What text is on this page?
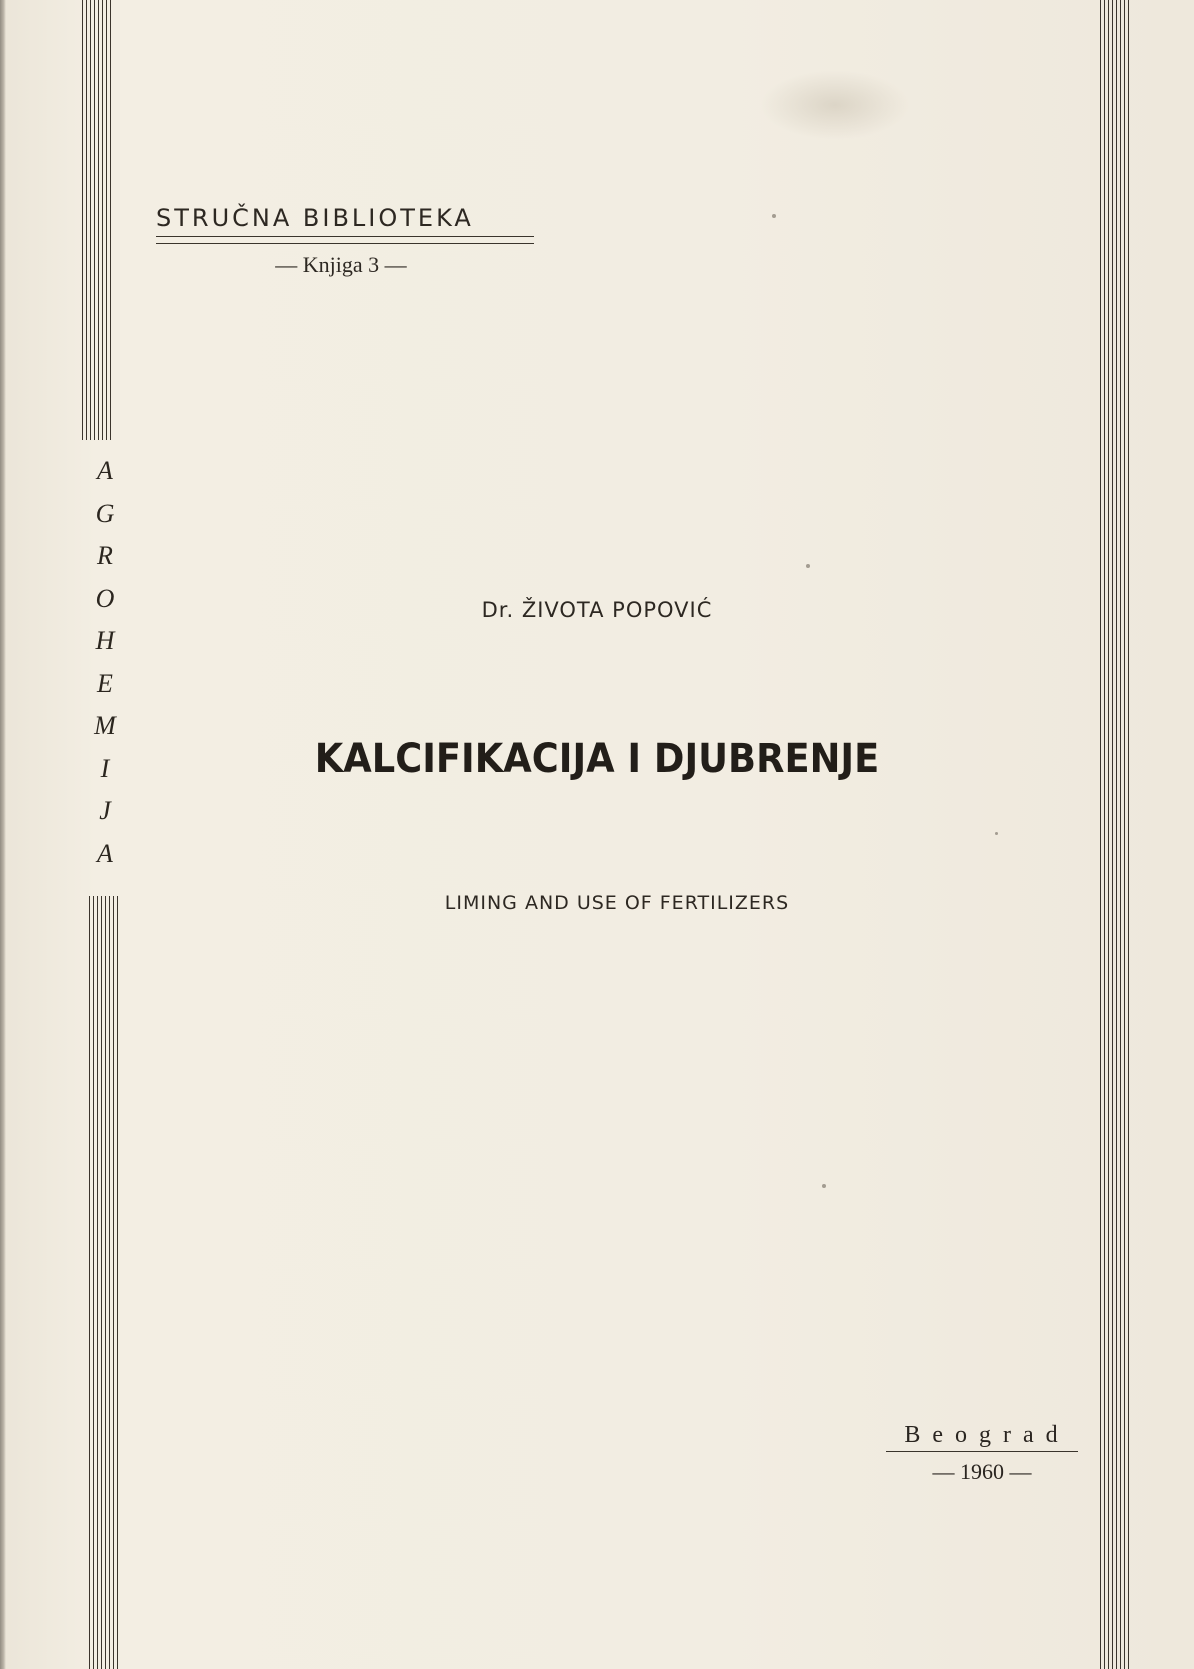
A
G
R
O
H
E
M
I
J
A
STRUČNA BIBLIOTEKA
— Knjiga 3 —
Dr. ŽIVOTA POPOVIĆ
KALCIFIKACIJA I DJUBRENJE
LIMING AND USE OF FERTILIZERS
Beograd
— 1960 —
